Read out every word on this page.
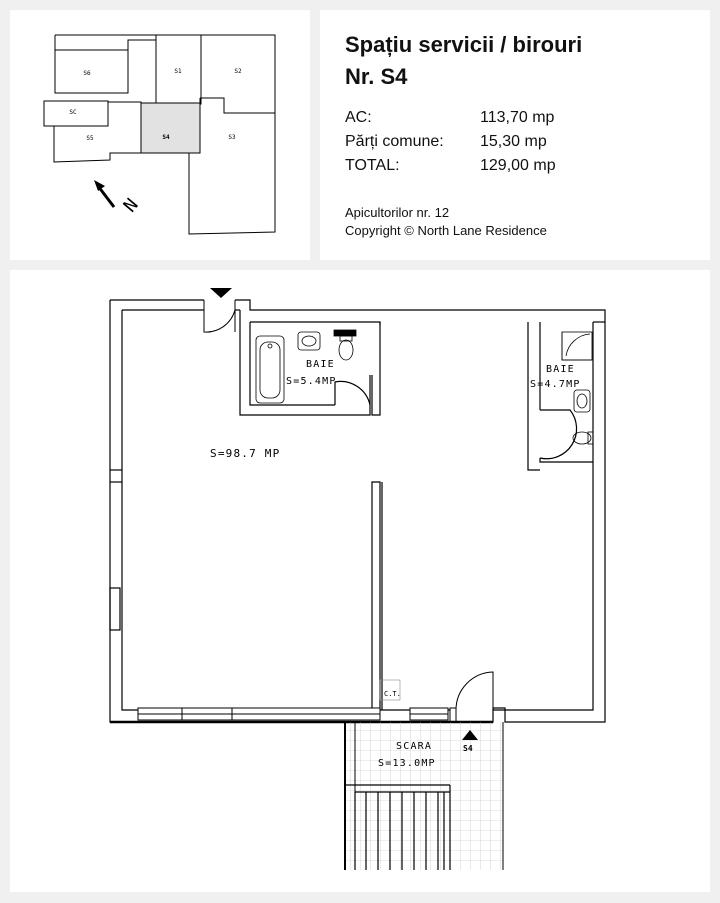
S6	S1	S2
SC
S5	S4	S3
N
Spațiu servicii / birouri
Nr. S4
AC:	113,70 mp
Părți comune: 15,30 mp
TOTAL:	129,00 mp
Apicultorilor nr. 12
Copyright © North Lane Residence
C.T.
S=98.7 MP
BAIE
S=5.4MP
BAIE
S=4.7MP
SCARA
S=13.0MP
S4
